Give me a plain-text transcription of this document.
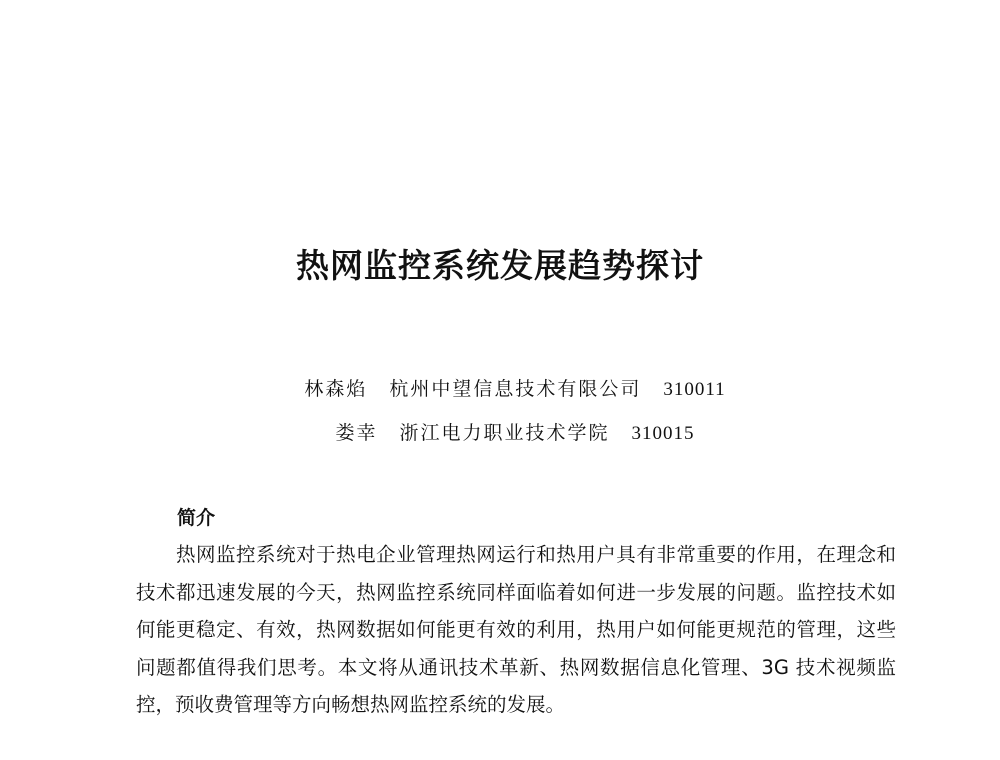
热网监控系统发展趋势探讨
林森焰 杭州中望信息技术有限公司 310011
娄幸 浙江电力职业技术学院 310015
简介

热网监控系统对于热电企业管理热网运行和热用户具有非常重要的作用，在理念和技术都迅速发展的今天，热网监控系统同样面临着如何进一步发展的问题。监控技术如何能更稳定、有效，热网数据如何能更有效的利用，热用户如何能更规范的管理，这些问题都值得我们思考。本文将从通讯技术革新、热网数据信息化管理、3G 技术视频监控，预收费管理等方向畅想热网监控系统的发展。
